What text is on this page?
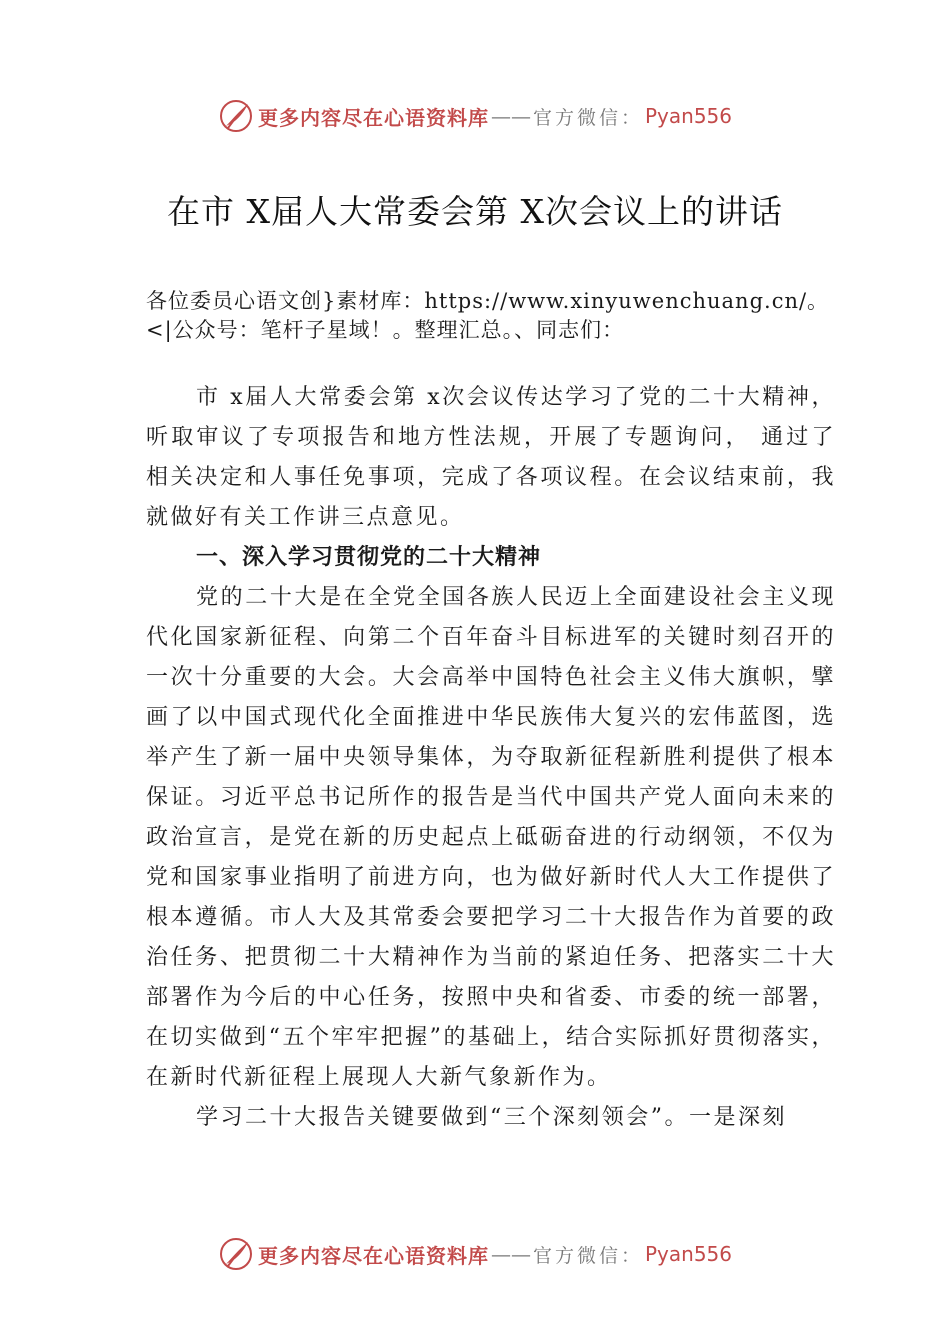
更多内容尽在心语资料库 —— 官方微信： Pyan556
在市 X届人大常委会第 X次会议上的讲话
各位委员心语文创}素材库：https://www.xinyuwenchuang.cn/。<|公众号：笔杆子星域！。整理汇总。、同志们：

市 x届人大常委会第 x次会议传达学习了党的二十大精神，听取审议了专项报告和地方性法规，开展了专题询问， 通过了相关决定和人事任免事项，完成了各项议程。在会议结束前，我就做好有关工作讲三点意见。

一、深入学习贯彻党的二十大精神

党的二十大是在全党全国各族人民迈上全面建设社会主义现代化国家新征程、向第二个百年奋斗目标进军的关键时刻召开的一次十分重要的大会。大会高举中国特色社会主义伟大旗帜，擘画了以中国式现代化全面推进中华民族伟大复兴的宏伟蓝图，选举产生了新一届中央领导集体，为夺取新征程新胜利提供了根本保证。习近平总书记所作的报告是当代中国共产党人面向未来的政治宣言，是党在新的历史起点上砥砺奋进的行动纲领，不仅为党和国家事业指明了前进方向，也为做好新时代人大工作提供了根本遵循。市人大及其常委会要把学习二十大报告作为首要的政治任务、把贯彻二十大精神作为当前的紧迫任务、把落实二十大部署作为今后的中心任务，按照中央和省委、市委的统一部署，在切实做到“五个牢牢把握”的基础上，结合实际抓好贯彻落实， 在新时代新征程上展现人大新气象新作为。

学习二十大报告关键要做到“三个深刻领会”。一是深刻

更多内容尽在心语资料库 —— 官方微信： Pyan556
